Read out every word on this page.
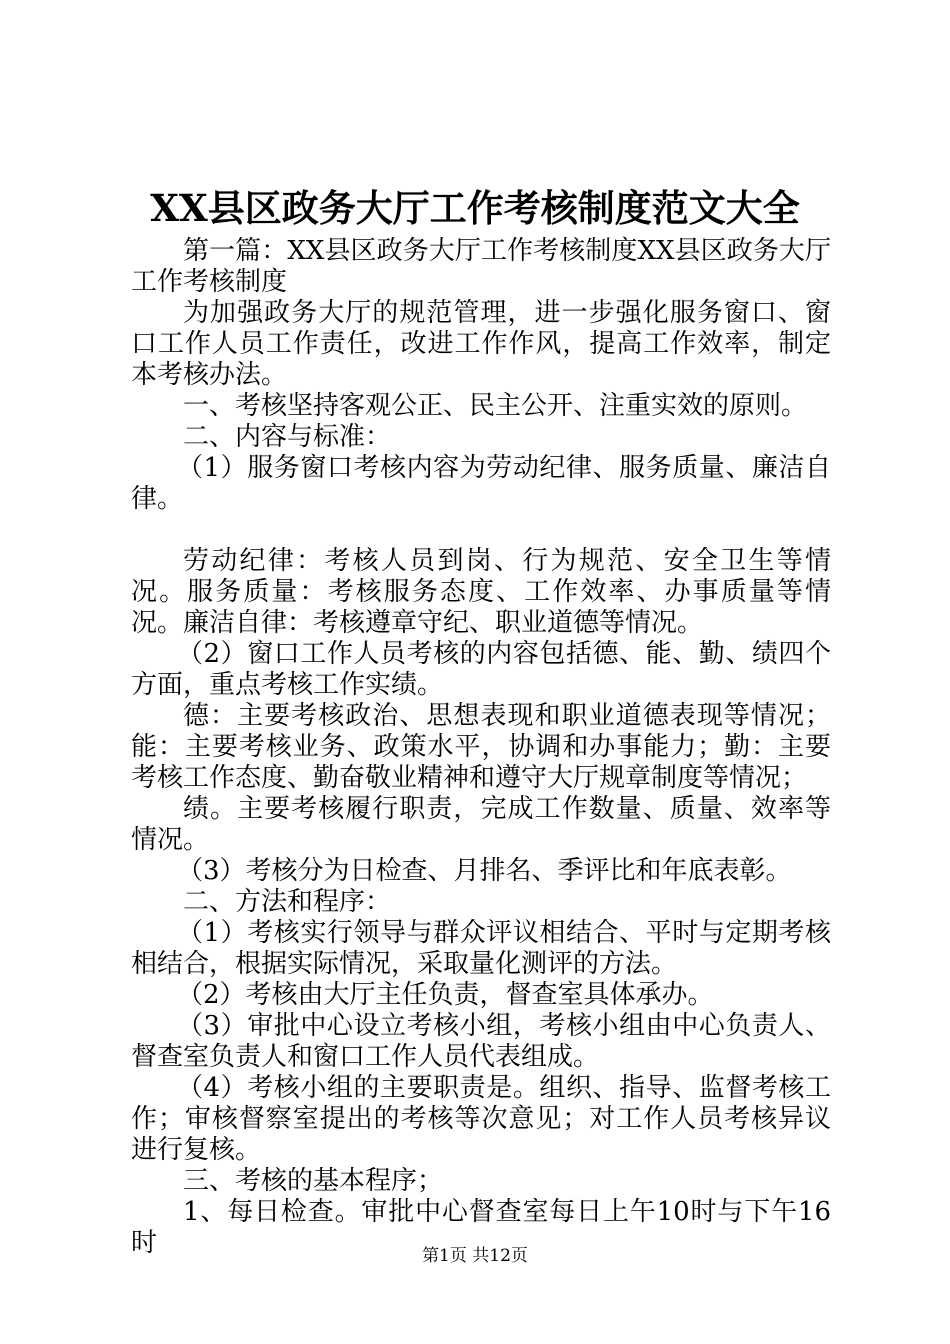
XX县区政务大厅工作考核制度范文大全

第一篇：XX县区政务大厅工作考核制度XX县区政务大厅工作考核制度

为加强政务大厅的规范管理，进一步强化服务窗口、窗口工作人员工作责任，改进工作作风，提高工作效率，制定本考核办法。

一、考核坚持客观公正、民主公开、注重实效的原则。

二、内容与标准：

（1）服务窗口考核内容为劳动纪律、服务质量、廉洁自律。

劳动纪律：考核人员到岗、行为规范、安全卫生等情况。服务质量：考核服务态度、工作效率、办事质量等情况。廉洁自律：考核遵章守纪、职业道德等情况。

（2）窗口工作人员考核的内容包括德、能、勤、绩四个方面，重点考核工作实绩。

德：主要考核政治、思想表现和职业道德表现等情况；能：主要考核业务、政策水平，协调和办事能力；勤：主要考核工作态度、勤奋敬业精神和遵守大厅规章制度等情况；

绩。主要考核履行职责，完成工作数量、质量、效率等情况。

（3）考核分为日检查、月排名、季评比和年底表彰。

二、方法和程序：

（1）考核实行领导与群众评议相结合、平时与定期考核相结合，根据实际情况，采取量化测评的方法。

（2）考核由大厅主任负责，督查室具体承办。

（3）审批中心设立考核小组，考核小组由中心负责人、督查室负责人和窗口工作人员代表组成。

（4）考核小组的主要职责是。组织、指导、监督考核工作；审核督察室提出的考核等次意见；对工作人员考核异议进行复核。

三、考核的基本程序；

1、每日检查。审批中心督查室每日上午10时与下午16时	第1页 共12页
